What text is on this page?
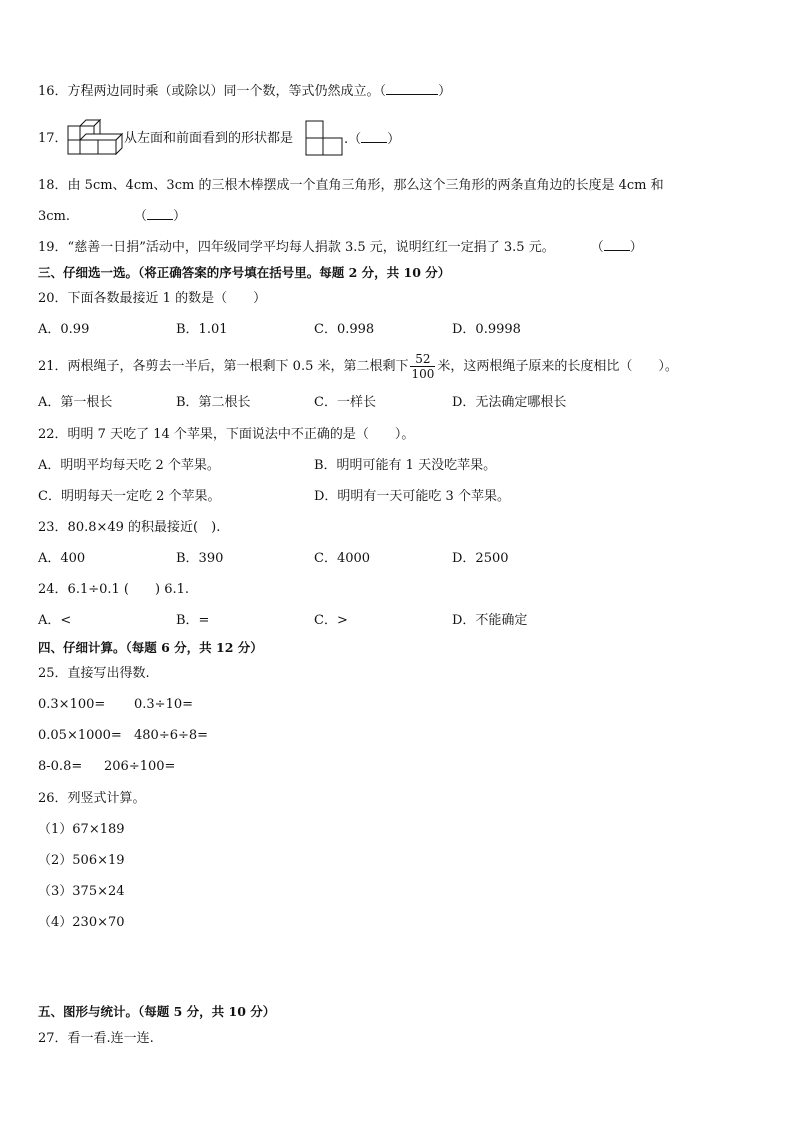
16．方程两边同时乘（或除以）同一个数，等式仍然成立。（	）
17．	从左面和前面看到的形状都是	.（ ）
18．由 5cm、4cm、3cm 的三根木棒摆成一个直角三角形，那么这个三角形的两条直角边的长度是 4cm 和
3cm.	（ ）
19．“慈善一日捐”活动中，四年级同学平均每人捐款 3.5 元，说明红红一定捐了 3.5 元。	（ ）
三、仔细选一选。（将正确答案的序号填在括号里。每题 2 分，共 10 分）
20．下面各数最接近 1 的数是（　　）
A．0.99	B．1.01	C．0.998	D．0.9998
21．两根绳子，各剪去一半后，第一根剩下 0.5 米，第二根剩下 $\frac{52}{100}$ 米，这两根绳子原来的长度相比（　　）。
A．第一根长	B．第二根长	C．一样长	D．无法确定哪根长
22．明明 7 天吃了 14 个苹果，下面说法中不正确的是（　　）。
A．明明平均每天吃 2 个苹果。	B．明明可能有 1 天没吃苹果。
C．明明每天一定吃 2 个苹果。	D．明明有一天可能吃 3 个苹果。
23．80.8×49 的积最接近(　).
A．400	B．390	C．4000	D．2500
24．6.1÷0.1 (　　) 6.1.
A．<	B．=	C．>	D．不能确定
四、仔细计算。（每题 6 分，共 12 分）
25．直接写出得数.
0.3×100= 0.3÷10=
0.05×1000= 480÷6÷8=
8-0.8= 206÷100=
26．列竖式计算。
（1）67×189
（2）506×19
（3）375×24
（4）230×70
五、图形与统计。（每题 5 分，共 10 分）
27．看一看.连一连.
